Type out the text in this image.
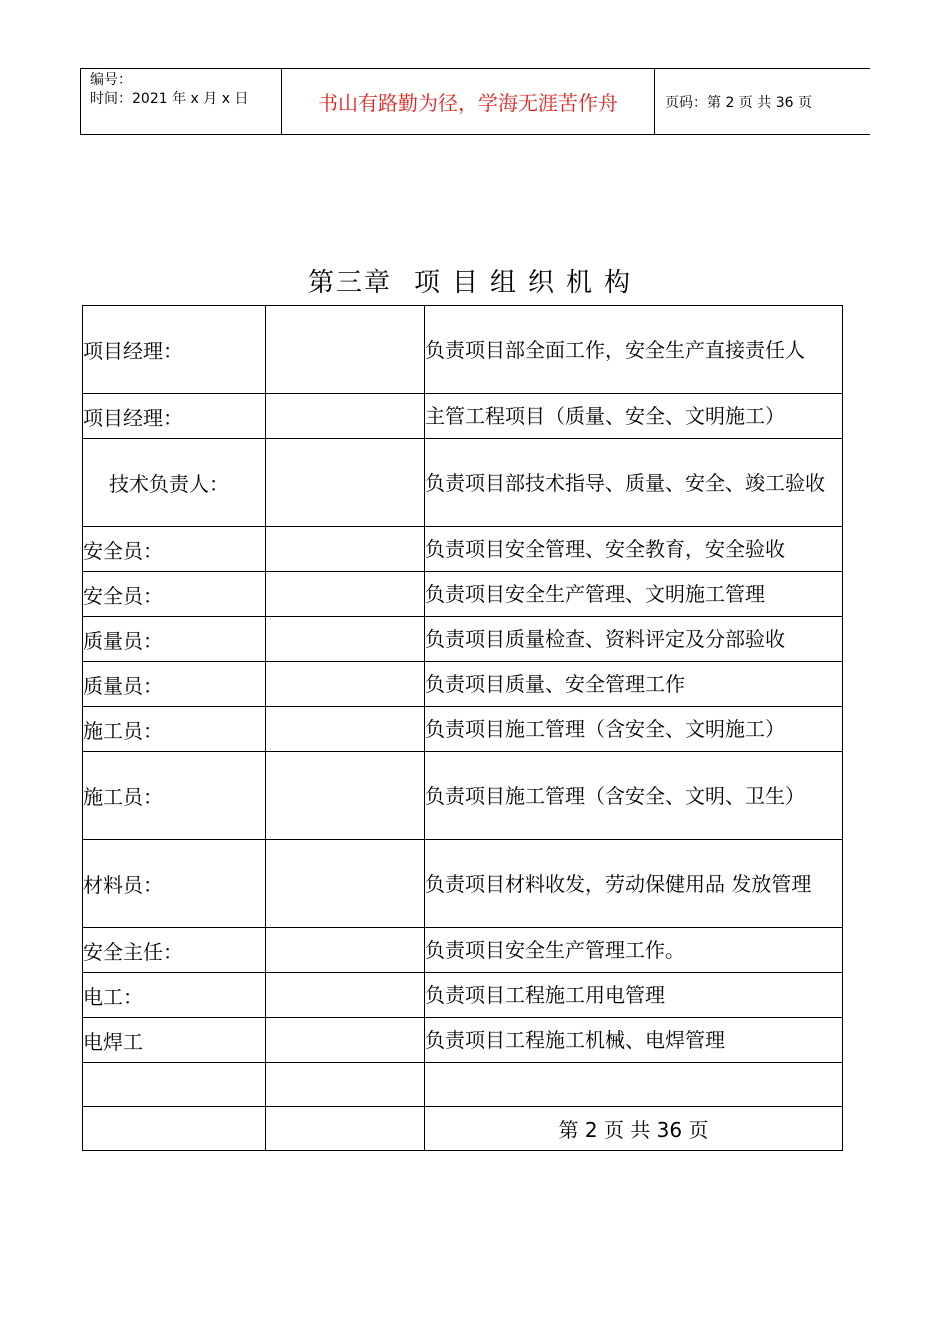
编号：
时间：2021 年 x 月 x 日	书山有路勤为径，学海无涯苦作舟	页码：第 2 页 共 36 页
第三章 项目组织机构
项目经理：		负责项目部全面工作，安全生产直接责任人
项目经理：		主管工程项目（质量、安全、文明施工）
技术负责人：		负责项目部技术指导、质量、安全、竣工验收
安全员：		负责项目安全管理、安全教育，安全验收
安全员：		负责项目安全生产管理、文明施工管理
质量员：		负责项目质量检查、资料评定及分部验收
质量员：		负责项目质量、安全管理工作
施工员：		负责项目施工管理（含安全、文明施工）
施工员：		负责项目施工管理（含安全、文明、卫生）
材料员：		负责项目材料收发，劳动保健用品 发放管理
安全主任：		负责项目安全生产管理工作。
电工：		负责项目工程施工用电管理
电焊工		负责项目工程施工机械、电焊管理

		第 2 页 共 36 页
